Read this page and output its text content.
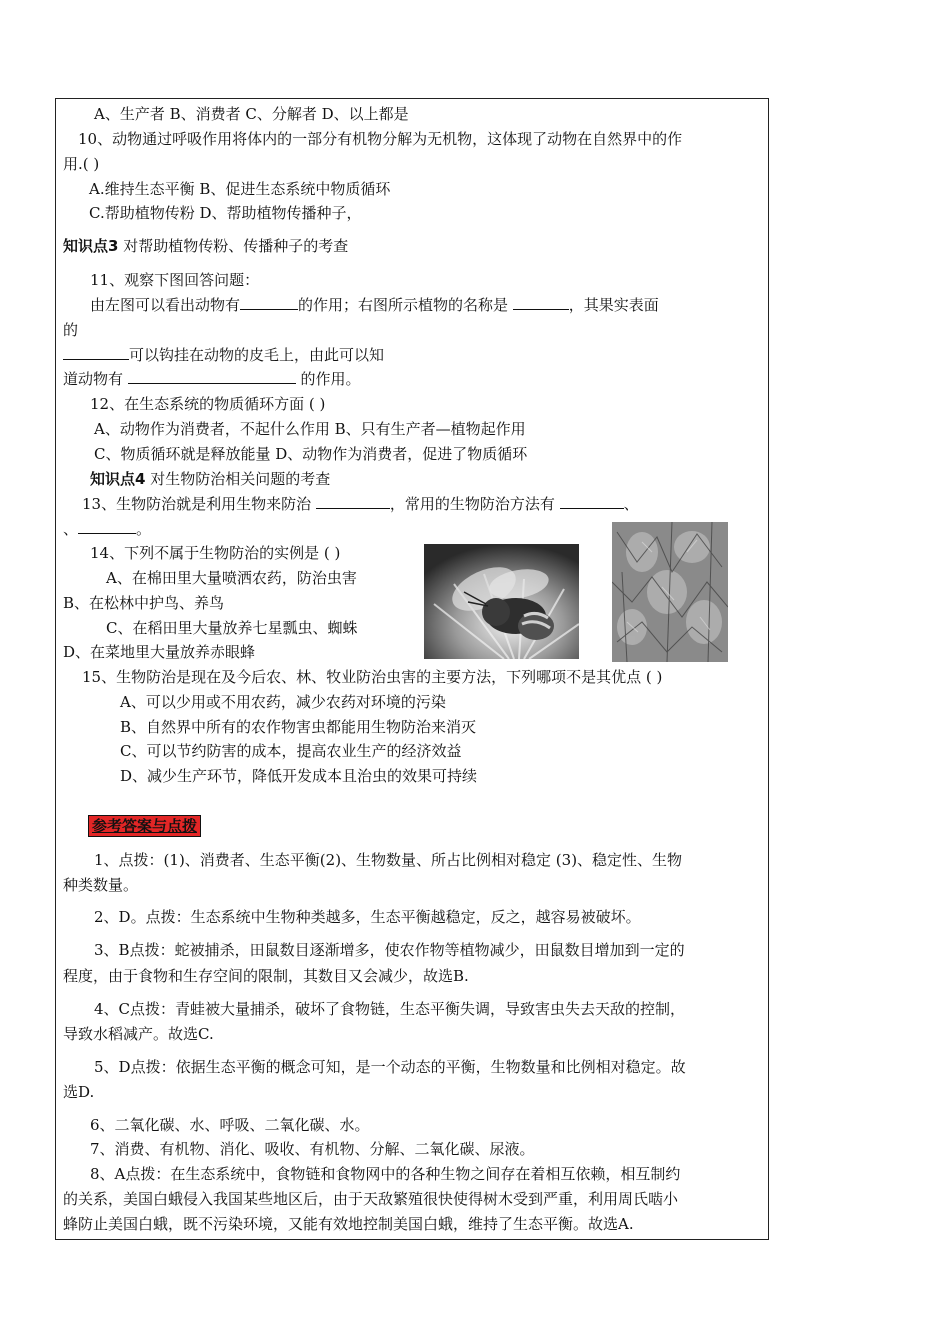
A、生产者 B、消费者 C、分解者 D、以上都是
10、动物通过呼吸作用将体内的一部分有机物分解为无机物，这体现了动物在自然界中的作
用.( )
A.维持生态平衡 B、促进生态系统中物质循环
C.帮助植物传粉 D、帮助植物传播种子，
知识点3 对帮助植物传粉、传播种子的考查
11、观察下图回答问题：
由左图可以看出动物有	的作用；右图所示植物的名称是	，其果实表面
的
可以钩挂在动物的皮毛上，由此可以知
道动物有	的作用。
12、在生态系统的物质循环方面 ( )
A、动物作为消费者，不起什么作用 B、只有生产者—植物起作用
C、物质循环就是释放能量 D、动物作为消费者，促进了物质循环
知识点4 对生物防治相关问题的考查
13、生物防治就是利用生物来防治	，常用的生物防治方法有	、
、	。
14、下列不属于生物防治的实例是 ( )
A、在棉田里大量喷洒农药，防治虫害
B、在松林中护鸟、养鸟
C、在稻田里大量放养七星瓢虫、蜘蛛
D、在菜地里大量放养赤眼蜂
15、生物防治是现在及今后农、林、牧业防治虫害的主要方法，下列哪项不是其优点 ( )
A、可以少用或不用农药，减少农药对环境的污染
B、自然界中所有的农作物害虫都能用生物防治来消灭
C、可以节约防害的成本，提高农业生产的经济效益
D、减少生产环节，降低开发成本且治虫的效果可持续
参考答案与点拨
1、点拨：(1)、消费者、生态平衡(2)、生物数量、所占比例相对稳定 (3)、稳定性、生物
种类数量。
2、D。点拨：生态系统中生物种类越多，生态平衡越稳定，反之，越容易被破坏。
3、B点拨：蛇被捕杀，田鼠数目逐渐增多，使农作物等植物减少，田鼠数目增加到一定的
程度，由于食物和生存空间的限制，其数目又会减少，故选B.
4、C点拨：青蛙被大量捕杀，破坏了食物链，生态平衡失调，导致害虫失去天敌的控制，
导致水稻减产。故选C.
5、D点拨：依据生态平衡的概念可知，是一个动态的平衡，生物数量和比例相对稳定。故
选D.
6、二氧化碳、水、呼吸、二氧化碳、水。
7、消费、有机物、消化、吸收、有机物、分解、二氧化碳、尿液。
8、A点拨：在生态系统中，食物链和食物网中的各种生物之间存在着相互依赖，相互制约
的关系，美国白蛾侵入我国某些地区后，由于天敌繁殖很快使得树木受到严重，利用周氏啮小
蜂防止美国白蛾，既不污染环境，又能有效地控制美国白蛾，维持了生态平衡。故选A.
